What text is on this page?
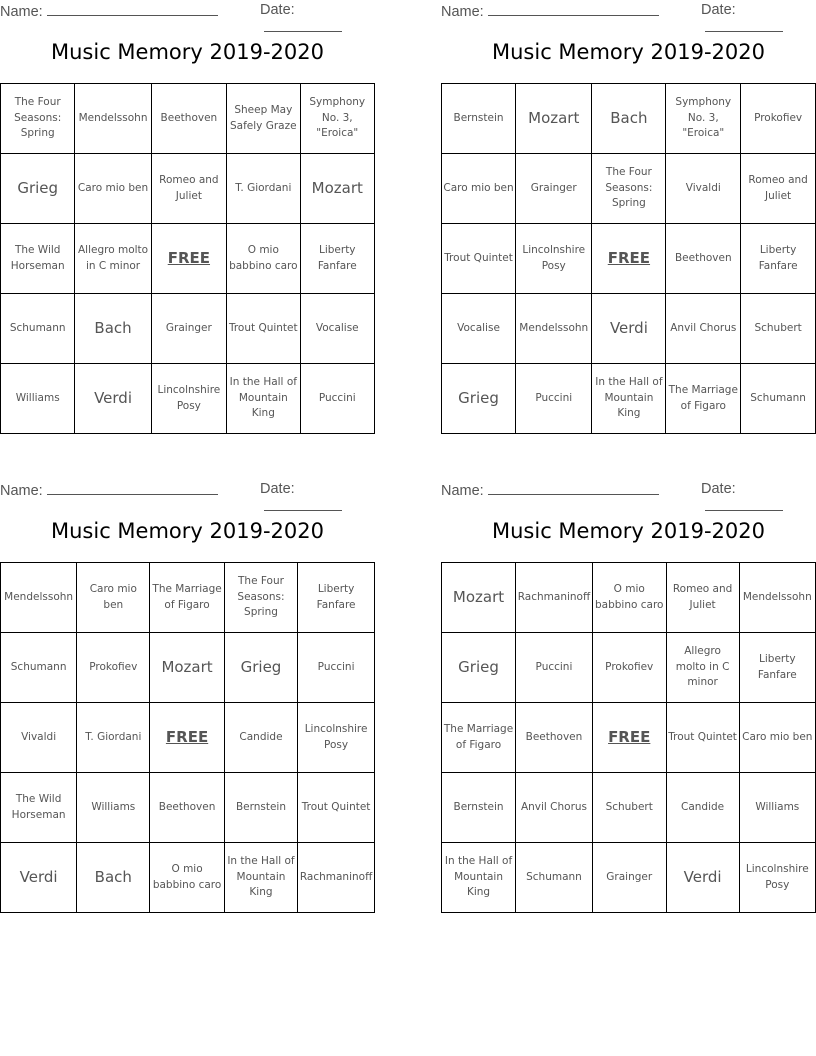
Name:	Date:
Music Memory 2019-2020
The Four Seasons: Spring	Mendelssohn	Beethoven	Sheep May Safely Graze	Symphony No. 3, "Eroica"
Grieg	Caro mio ben	Romeo and Juliet	T. Giordani	Mozart
The Wild Horseman	Allegro molto in C minor	FREE	O mio babbino caro	Liberty Fanfare
Schumann	Bach	Grainger	Trout Quintet	Vocalise
Williams	Verdi	Lincolnshire Posy	In the Hall of Mountain King	Puccini
Name:	Date:
Music Memory 2019-2020
Bernstein	Mozart	Bach	Symphony No. 3, "Eroica"	Prokofiev
Caro mio ben	Grainger	The Four Seasons: Spring	Vivaldi	Romeo and Juliet
Trout Quintet	Lincolnshire Posy	FREE	Beethoven	Liberty Fanfare
Vocalise	Mendelssohn	Verdi	Anvil Chorus	Schubert
Grieg	Puccini	In the Hall of Mountain King	The Marriage of Figaro	Schumann
Name:	Date:
Music Memory 2019-2020
Mendelssohn	Caro mio ben	The Marriage of Figaro	The Four Seasons: Spring	Liberty Fanfare
Schumann	Prokofiev	Mozart	Grieg	Puccini
Vivaldi	T. Giordani	FREE	Candide	Lincolnshire Posy
The Wild Horseman	Williams	Beethoven	Bernstein	Trout Quintet
Verdi	Bach	O mio babbino caro	In the Hall of Mountain King	Rachmaninoff
Name:	Date:
Music Memory 2019-2020
Mozart	Rachmaninoff	O mio babbino caro	Romeo and Juliet	Mendelssohn
Grieg	Puccini	Prokofiev	Allegro molto in C minor	Liberty Fanfare
The Marriage of Figaro	Beethoven	FREE	Trout Quintet	Caro mio ben
Bernstein	Anvil Chorus	Schubert	Candide	Williams
In the Hall of Mountain King	Schumann	Grainger	Verdi	Lincolnshire Posy
